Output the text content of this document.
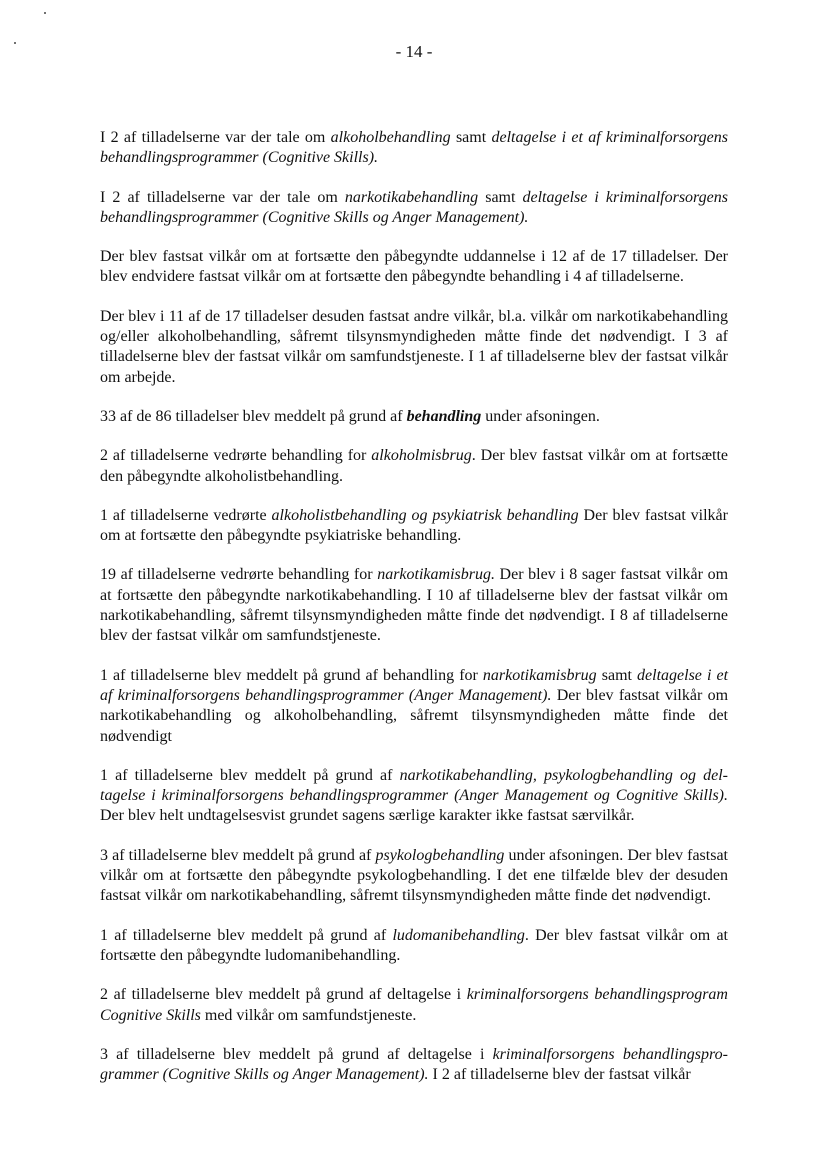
- 14 -

I 2 af tilladelserne var der tale om alkoholbehandling samt deltagelse i et af kriminalforsorgens behandlingsprogrammer (Cognitive Skills).

I 2 af tilladelserne var der tale om narkotikabehandling samt deltagelse i kriminalforsorgens behandlingsprogrammer (Cognitive Skills og Anger Management).

Der blev fastsat vilkår om at fortsætte den påbegyndte uddannelse i 12 af de 17 tilladelser. Der blev endvidere fastsat vilkår om at fortsætte den påbegyndte behandling i 4 af tilladelserne.

Der blev i 11 af de 17 tilladelser desuden fastsat andre vilkår, bl.a. vilkår om narkotikabehandling og/eller alkoholbehandling, såfremt tilsynsmyndigheden måtte finde det nødvendigt. I 3 af tilladelserne blev der fastsat vilkår om samfundstjeneste. I 1 af tilladelserne blev der fastsat vilkår om arbejde.

33 af de 86 tilladelser blev meddelt på grund af behandling under afsoningen.

2 af tilladelserne vedrørte behandling for alkoholmisbrug. Der blev fastsat vilkår om at fortsætte den påbegyndte alkoholistbehandling.

1 af tilladelserne vedrørte alkoholistbehandling og psykiatrisk behandling Der blev fastsat vilkår om at fortsætte den påbegyndte psykiatriske behandling.

19 af tilladelserne vedrørte behandling for narkotikamisbrug. Der blev i 8 sager fastsat vilkår om at fortsætte den påbegyndte narkotikabehandling. I 10 af tilladelserne blev der fastsat vilkår om narkotikabehandling, såfremt tilsynsmyndigheden måtte finde det nødvendigt. I 8 af tilladelserne blev der fastsat vilkår om samfundstjeneste.

1 af tilladelserne blev meddelt på grund af behandling for narkotikamisbrug samt deltagelse i et af kriminalforsorgens behandlingsprogrammer (Anger Management). Der blev fastsat vilkår om narkotikabehandling og alkoholbehandling, såfremt tilsynsmyndigheden måtte finde det nødvendigt

1 af tilladelserne blev meddelt på grund af narkotikabehandling, psykologbehandling og deltagelse i kriminalforsorgens behandlingsprogrammer (Anger Management og Cognitive Skills). Der blev helt undtagelsesvist grundet sagens særlige karakter ikke fastsat særvilkår.

3 af tilladelserne blev meddelt på grund af psykologbehandling under afsoningen. Der blev fastsat vilkår om at fortsætte den påbegyndte psykologbehandling. I det ene tilfælde blev der desuden fastsat vilkår om narkotikabehandling, såfremt tilsynsmyndigheden måtte finde det nødvendigt.

1 af tilladelserne blev meddelt på grund af ludomanibehandling. Der blev fastsat vilkår om at fortsætte den påbegyndte ludomanibehandling.

2 af tilladelserne blev meddelt på grund af deltagelse i kriminalforsorgens behandlingsprogram Cognitive Skills med vilkår om samfundstjeneste.

3 af tilladelserne blev meddelt på grund af deltagelse i kriminalforsorgens behandlingsprogrammer (Cognitive Skills og Anger Management). I 2 af tilladelserne blev der fastsat vilkår
